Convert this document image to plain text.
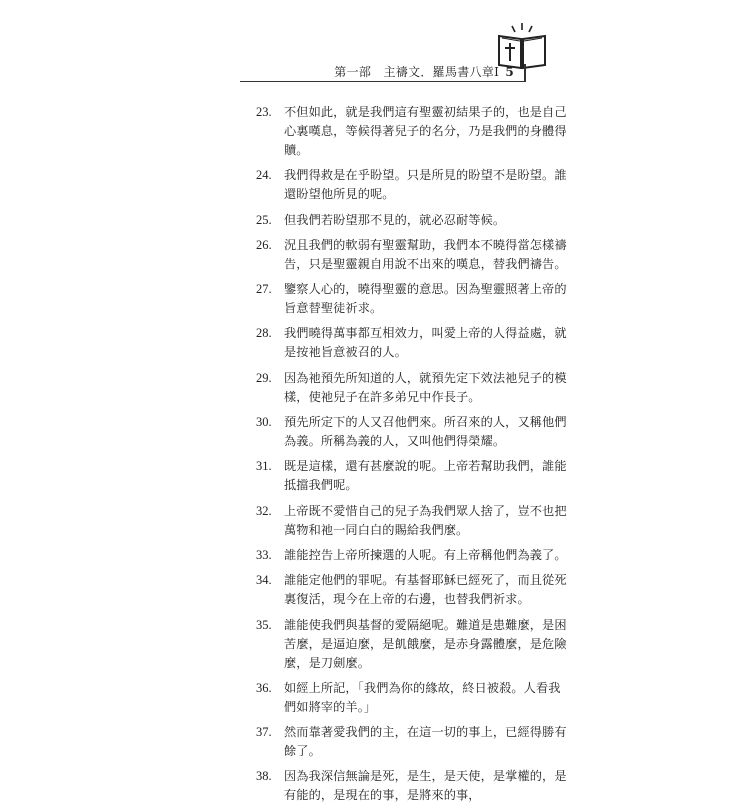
第一部　主禱文．羅馬書八章I 5
23. 不但如此，就是我們這有聖靈初結果子的，也是自己心裏嘆息，等候得著兒子的名分，乃是我們的身體得贖。
24. 我們得救是在乎盼望。只是所見的盼望不是盼望。誰還盼望他所見的呢。
25. 但我們若盼望那不見的，就必忍耐等候。
26. 況且我們的軟弱有聖靈幫助，我們本不曉得當怎樣禱告，只是聖靈親自用說不出來的嘆息，替我們禱告。
27. 鑒察人心的，曉得聖靈的意思。因為聖靈照著上帝的旨意替聖徒祈求。
28. 我們曉得萬事都互相效力，叫愛上帝的人得益處，就是按祂旨意被召的人。
29. 因為祂預先所知道的人，就預先定下效法祂兒子的模樣，使祂兒子在許多弟兄中作長子。
30. 預先所定下的人又召他們來。所召來的人，又稱他們為義。所稱為義的人，又叫他們得榮耀。
31. 既是這樣，還有甚麼說的呢。上帝若幫助我們，誰能抵擋我們呢。
32. 上帝既不愛惜自己的兒子為我們眾人捨了，豈不也把萬物和祂一同白白的賜給我們麼。
33. 誰能控告上帝所揀選的人呢。有上帝稱他們為義了。
34. 誰能定他們的罪呢。有基督耶穌已經死了，而且從死裏復活，現今在上帝的右邊，也替我們祈求。
35. 誰能使我們與基督的愛隔絕呢。難道是患難麼，是困苦麼，是逼迫麼，是飢餓麼，是赤身露體麼，是危險麼，是刀劍麼。
36. 如經上所記，「我們為你的緣故，終日被殺。人看我們如將宰的羊。」
37. 然而靠著愛我們的主，在這一切的事上，已經得勝有餘了。
38. 因為我深信無論是死，是生，是天使，是掌權的，是有能的，是現在的事，是將來的事，
